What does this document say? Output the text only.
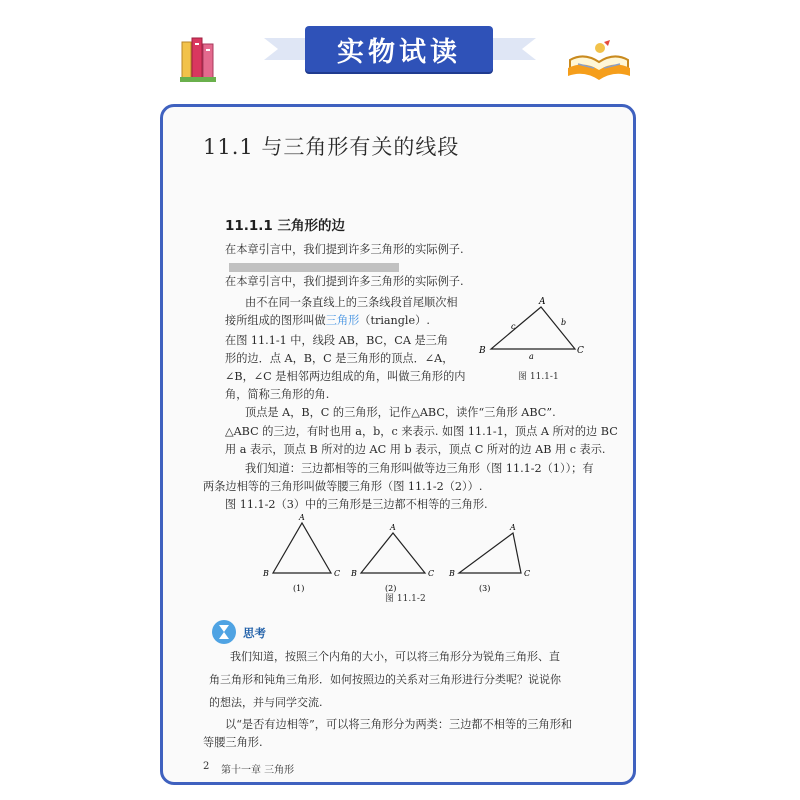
实物试读
11.1 与三角形有关的线段
11.1.1 三角形的边
在本章引言中，我们提到许多三角形的实际例子.
在本章引言中，我们提到许多三角形的实际例子.
由不在同一条直线上的三条线段首尾顺次相
接所组成的图形叫做三角形（triangle）.
在图 11.1-1 中，线段 AB，BC，CA 是三角
形的边．点 A，B，C 是三角形的顶点．∠A，
∠B，∠C 是相邻两边组成的角，叫做三角形的内
角，简称三角形的角.
A
B	C
a
b
c
图 11.1-1
顶点是 A，B，C 的三角形，记作△ABC，读作“三角形 ABC”.
△ABC 的三边，有时也用 a，b，c 来表示. 如图 11.1-1，顶点 A 所对的边 BC
用 a 表示，顶点 B 所对的边 AC 用 b 表示，顶点 C 所对的边 AB 用 c 表示.
我们知道：三边都相等的三角形叫做等边三角形（图 11.1-2（1））；有
两条边相等的三角形叫做等腰三角形（图 11.1-2（2））.
图 11.1-2（3）中的三角形是三边都不相等的三角形.
A
B	C
(1)
A
B	C
(2)
A
B	C
(3)
图 11.1-2
思考
我们知道，按照三个内角的大小，可以将三角形分为锐角三角形、直
角三角形和钝角三角形．如何按照边的关系对三角形进行分类呢？说说你
的想法，并与同学交流.
以“是否有边相等”，可以将三角形分为两类：三边都不相等的三角形和
等腰三角形.
2 第十一章 三角形
